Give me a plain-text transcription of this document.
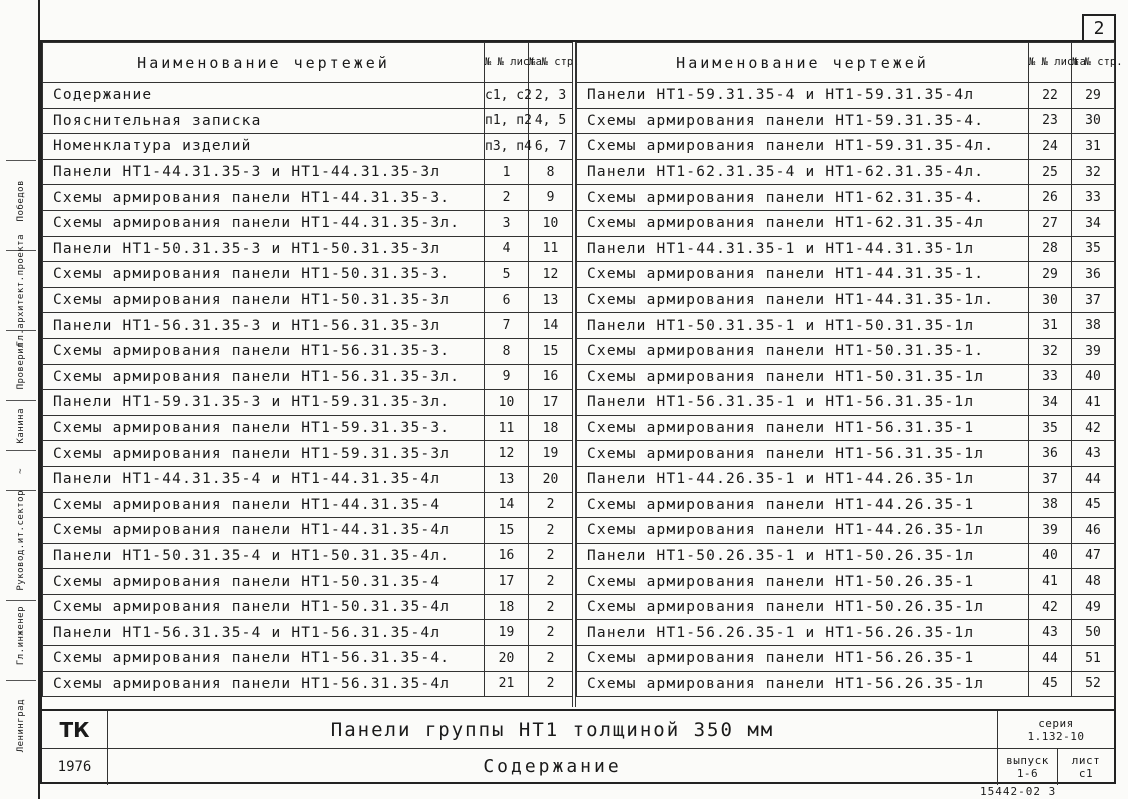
Победов
Гл.архитект.проекта
Проверил
Канина
~
Руковод.ит.сектор
Гл.инженер
Ленинград
2
Наименование чертежей	№ № листа	№ № стр.
Содержание	с1, с2	2, 3
Пояснительная записка	п1, п2	4, 5
Номенклатура изделий	п3, п4	6, 7
Панели НТ1-44.31.35-3 и НТ1-44.31.35-3л	1	8
Схемы армирования панели НТ1-44.31.35-3.	2	9
Схемы армирования панели НТ1-44.31.35-3л.	3	10
Панели НТ1-50.31.35-3 и НТ1-50.31.35-3л	4	11
Схемы армирования панели НТ1-50.31.35-3.	5	12
Схемы армирования панели НТ1-50.31.35-3л	6	13
Панели НТ1-56.31.35-3 и НТ1-56.31.35-3л	7	14
Схемы армирования панели НТ1-56.31.35-3.	8	15
Схемы армирования панели НТ1-56.31.35-3л.	9	16
Панели НТ1-59.31.35-3 и НТ1-59.31.35-3л.	10	17
Схемы армирования панели НТ1-59.31.35-3.	11	18
Схемы армирования панели НТ1-59.31.35-3л	12	19
Панели НТ1-44.31.35-4 и НТ1-44.31.35-4л	13	20
Схемы армирования панели НТ1-44.31.35-4	14	2
Схемы армирования панели НТ1-44.31.35-4л	15	2
Панели НТ1-50.31.35-4 и НТ1-50.31.35-4л.	16	2
Схемы армирования панели НТ1-50.31.35-4	17	2
Схемы армирования панели НТ1-50.31.35-4л	18	2
Панели НТ1-56.31.35-4 и НТ1-56.31.35-4л	19	2
Схемы армирования панели НТ1-56.31.35-4.	20	2
Схемы армирования панели НТ1-56.31.35-4л	21	2
Наименование чертежей	№ № листа	№ № стр.
Панели НТ1-59.31.35-4 и НТ1-59.31.35-4л	22	29
Схемы армирования панели НТ1-59.31.35-4.	23	30
Схемы армирования панели НТ1-59.31.35-4л.	24	31
Панели НТ1-62.31.35-4 и НТ1-62.31.35-4л.	25	32
Схемы армирования панели НТ1-62.31.35-4.	26	33
Схемы армирования панели НТ1-62.31.35-4л	27	34
Панели НТ1-44.31.35-1 и НТ1-44.31.35-1л	28	35
Схемы армирования панели НТ1-44.31.35-1.	29	36
Схемы армирования панели НТ1-44.31.35-1л.	30	37
Панели НТ1-50.31.35-1 и НТ1-50.31.35-1л	31	38
Схемы армирования панели НТ1-50.31.35-1.	32	39
Схемы армирования панели НТ1-50.31.35-1л	33	40
Панели НТ1-56.31.35-1 и НТ1-56.31.35-1л	34	41
Схемы армирования панели НТ1-56.31.35-1	35	42
Схемы армирования панели НТ1-56.31.35-1л	36	43
Панели НТ1-44.26.35-1 и НТ1-44.26.35-1л	37	44
Схемы армирования панели НТ1-44.26.35-1	38	45
Схемы армирования панели НТ1-44.26.35-1л	39	46
Панели НТ1-50.26.35-1 и НТ1-50.26.35-1л	40	47
Схемы армирования панели НТ1-50.26.35-1	41	48
Схемы армирования панели НТ1-50.26.35-1л	42	49
Панели НТ1-56.26.35-1 и НТ1-56.26.35-1л	43	50
Схемы армирования панели НТ1-56.26.35-1	44	51
Схемы армирования панели НТ1-56.26.35-1л	45	52
ТК
1976
Панели группы НТ1 толщиной 350 мм
Содержание
серия
1.132-10
выпуск
1-6
лист
с1
15442-02 3
